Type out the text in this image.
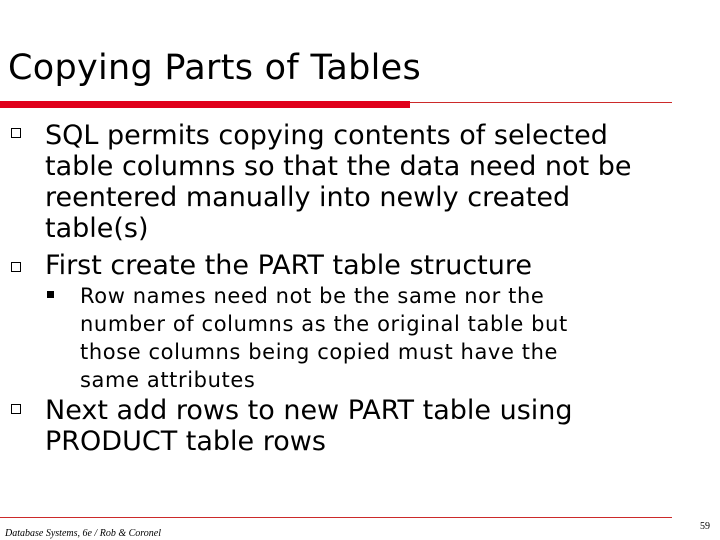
Copying Parts of Tables
SQL permits copying contents of selected
table columns so that the data need not be
reentered manually into newly created
table(s)
First create the PART table structure
Row names need not be the same nor the
number of columns as the original table but
those columns being copied must have the
same attributes
Next add rows to new PART table using
PRODUCT table rows
Database Systems, 6e / Rob & Coronel
59
